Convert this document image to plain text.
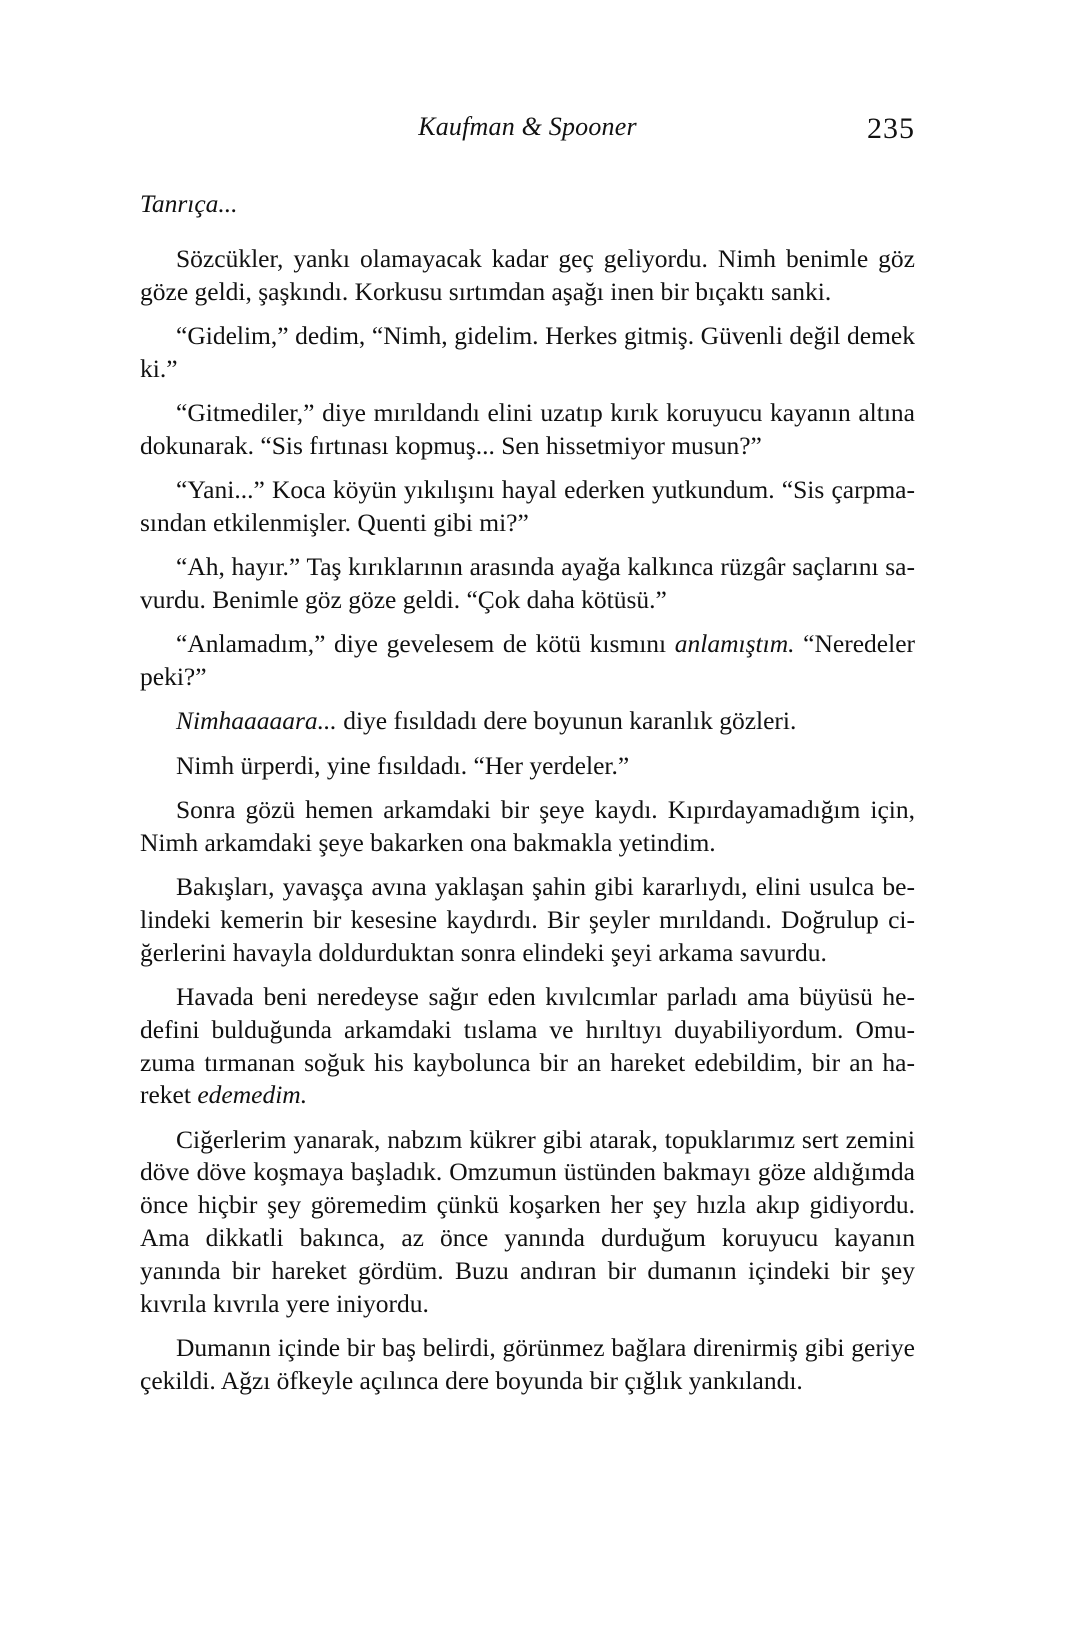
Kaufman & Spooner	235

Tanrıça...

Sözcükler, yankı olamayacak kadar geç geliyordu. Nimh benimle göz göze geldi, şaşkındı. Korkusu sırtımdan aşağı inen bir bıçaktı sanki.

“Gidelim,” dedim, “Nimh, gidelim. Herkes gitmiş. Güvenli değil demek ki.”

“Gitmediler,” diye mırıldandı elini uzatıp kırık koruyucu kayanın altına dokunarak. “Sis fırtınası kopmuş... Sen hissetmiyor musun?”

“Yani...” Koca köyün yıkılışını hayal ederken yutkundum. “Sis çarpmasından etkilenmişler. Quenti gibi mi?”

“Ah, hayır.” Taş kırıklarının arasında ayağa kalkınca rüzgâr saçlarını savurdu. Benimle göz göze geldi. “Çok daha kötüsü.”

“Anlamadım,” diye gevelesem de kötü kısmını anlamıştım. “Neredeler peki?”

Nimhaaaaara... diye fısıldadı dere boyunun karanlık gözleri.

Nimh ürperdi, yine fısıldadı. “Her yerdeler.”

Sonra gözü hemen arkamdaki bir şeye kaydı. Kıpırdayamadığım için, Nimh arkamdaki şeye bakarken ona bakmakla yetindim.

Bakışları, yavaşça avına yaklaşan şahin gibi kararlıydı, elini usulca belindeki kemerin bir kesesine kaydırdı. Bir şeyler mırıldandı. Doğrulup ciğerlerini havayla doldurduktan sonra elindeki şeyi arkama savurdu.

Havada beni neredeyse sağır eden kıvılcımlar parladı ama büyüsü hedefini bulduğunda arkamdaki tıslama ve hırıltıyı duyabiliyordum. Omuzuma tırmanan soğuk his kaybolunca bir an hareket edebildim, bir an hareket edemedim.

Ciğerlerim yanarak, nabzım kükrer gibi atarak, topuklarımız sert zemini döve döve koşmaya başladık. Omzumun üstünden bakmayı göze aldığımda önce hiçbir şey göremedim çünkü koşarken her şey hızla akıp gidiyordu. Ama dikkatli bakınca, az önce yanında durduğum koruyucu kayanın yanında bir hareket gördüm. Buzu andıran bir dumanın içindeki bir şey kıvrıla kıvrıla yere iniyordu.

Dumanın içinde bir baş belirdi, görünmez bağlara direnirmiş gibi geriye çekildi. Ağzı öfkeyle açılınca dere boyunda bir çığlık yankılandı.
